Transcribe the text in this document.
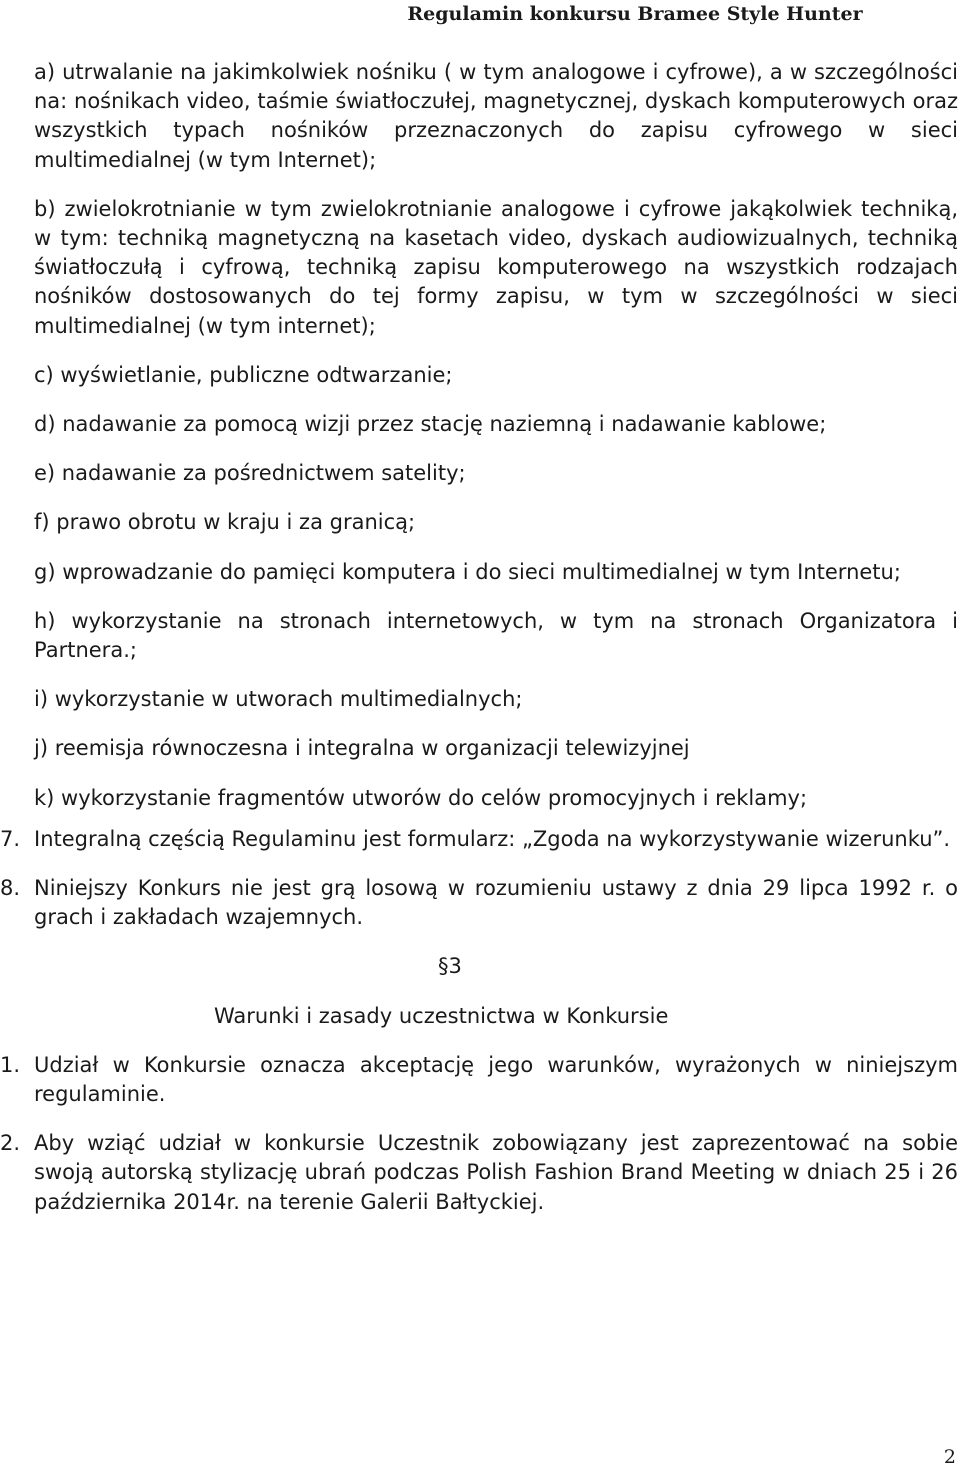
Regulamin konkursu Bramee Style Hunter

a) utrwalanie na jakimkolwiek nośniku ( w tym analogowe i cyfrowe), a w szczególności na: nośnikach video, taśmie światłoczułej, magnetycznej, dyskach komputerowych oraz wszystkich typach nośników przeznaczonych do zapisu cyfrowego w sieci multimedialnej (w tym Internet);

b) zwielokrotnianie w tym zwielokrotnianie analogowe i cyfrowe jakąkolwiek techniką, w tym: techniką magnetyczną na kasetach video, dyskach audiowizualnych, techniką światłoczułą i cyfrową, techniką zapisu komputerowego na wszystkich rodzajach nośników dostosowanych do tej formy zapisu, w tym w szczególności w sieci multimedialnej (w tym internet);

c) wyświetlanie, publiczne odtwarzanie;

d) nadawanie za pomocą wizji przez stację naziemną i nadawanie kablowe;

e) nadawanie za pośrednictwem satelity;

f) prawo obrotu w kraju i za granicą;

g) wprowadzanie do pamięci komputera i do sieci multimedialnej w tym Internetu;

h) wykorzystanie na stronach internetowych, w tym na stronach Organizatora i Partnera.;

i) wykorzystanie w utworach multimedialnych;

j) reemisja równoczesna i integralna w organizacji telewizyjnej

k) wykorzystanie fragmentów utworów do celów promocyjnych i reklamy;

7. Integralną częścią Regulaminu jest formularz: „Zgoda na wykorzystywanie wizerunku”.
8. Niniejszy Konkurs nie jest grą losową w rozumieniu ustawy z dnia 29 lipca 1992 r. o grach i zakładach wzajemnych.
§3
Warunki i zasady uczestnictwa w Konkursie
1. Udział w Konkursie oznacza akceptację jego warunków, wyrażonych w niniejszym regulaminie.
2. Aby wziąć udział w konkursie Uczestnik zobowiązany jest zaprezentować na sobie swoją autorską stylizację ubrań podczas Polish Fashion Brand Meeting w dniach 25 i 26 października 2014r. na terenie Galerii Bałtyckiej.
2
